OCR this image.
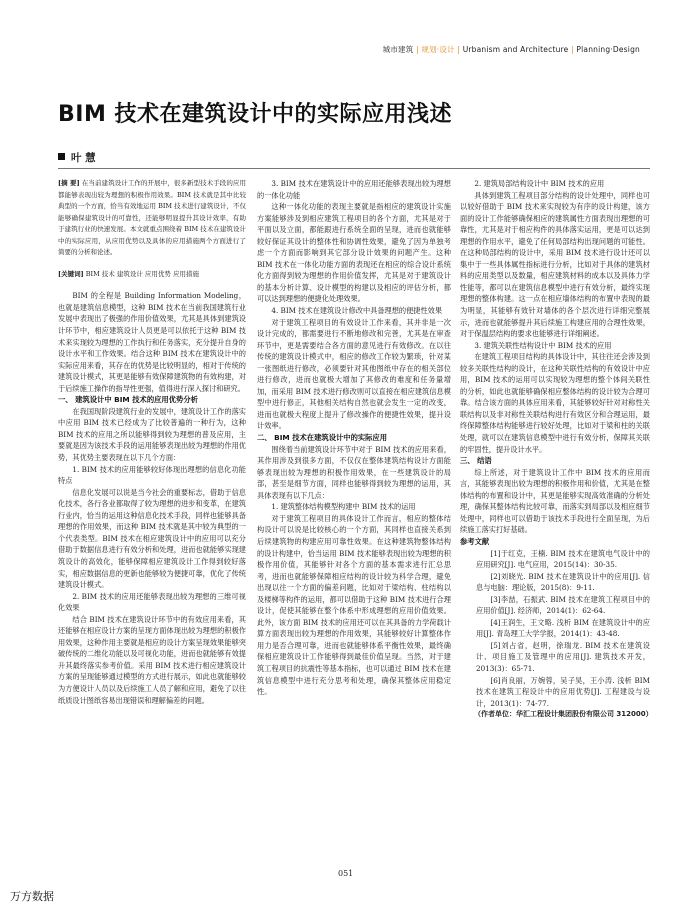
城市建筑 | 规划·设计 | Urbanism and Architecture | Planning·Design
BIM 技术在建筑设计中的实际应用浅述
叶 慧
[摘 要] 在当前建筑设计工作的开展中，很多新型技术手段的应用都能够表现出较为理想的积极作用效果。BIM 技术就是其中比较典型的一个方面，恰当有效地运用 BIM 技术进行建筑设计，不仅能够确保建筑设计的可靠性，还能够明显提升其设计效率，有助于建筑行业的快速发展。本文就重点围绕着 BIM 技术在建筑设计中的实际应用，从应用优势以及具体的应用措施两个方面进行了简要的分析和论述。
[关键词] BIM 技术 建筑设计 应用优势 应用措施

BIM 的全程是 Building Information Modeling，也就是建筑信息模型，这种 BIM 技术在当前我国建筑行业发展中表现出了极强的作用价值效果，尤其是具体到建筑设计环节中，相应建筑设计人员更是可以依托于这种 BIM 技术来实现较为理想的工作执行和任务落实，充分提升自身的设计水平和工作效果。结合这种 BIM 技术在建筑设计中的实际应用来看，其存在的优势是比较明显的，相对于传统的建筑设计模式，其更是能够有效保障建筑物的有效构建，对于后续施工操作的指导性更强，值得进行深入探讨和研究。

一、 建筑设计中 BIM 技术的应用优势分析

在我国现阶段建筑行业的发展中，建筑设计工作的落实中应用 BIM 技术已经成为了比较普遍的一种行为，这种 BIM 技术的应用之所以能够得到较为理想的普及应用，主要就是因为该技术手段的运用能够表现出较为理想的作用优势，其优势主要表现在以下几个方面：

1. BIM 技术的应用能够较好体现出理想的信息化功能特点

信息化发展可以说是当今社会的重要标志，借助于信息化技术，各行各业都取得了较为理想的进步和变革，在建筑行业内，恰当的运用这种信息化技术手段，同样也能够具备理想的作用效果，而这种 BIM 技术就是其中较为典型的一个代表类型。BIM 技术在相应建筑设计中的应用可以充分借助于数据信息进行有效分析和处理，进而也就能够实现建筑设计的高效化，能够保障相应建筑设计工作得到较好落实，相应数据信息的更新也能够较为便捷可靠，优化了传统建筑设计模式。

2. BIM 技术的应用还能够表现出较为理想的三维可视化效果

结合 BIM 技术在建筑设计环节中的有效应用来看，其还能够在相应设计方案的呈现方面体现出较为理想的积极作用效果，这种作用主要就是相应的设计方案呈现效果能够突破传统的二维化功能以及可视化功能，进而也就能够有效提升其最终落实参考价值。采用 BIM 技术进行相应建筑设计方案的呈现能够通过模型的方式进行展示，如此也就能够较为方便设计人员以及后续施工人员了解和应用，避免了以往纸质设计图纸容易出现错误和理解偏差的问题。

3. BIM 技术在建筑设计中的应用还能够表现出较为理想的一体化功能

这种一体化功能的表现主要就是指相应的建筑设计实施方案能够涉及到相应建筑工程项目的各个方面，尤其是对于平面以及立面，都能跟进行系统全面的呈现，进而也就能够较好保证其设计的整体性和协调性效果，避免了因为单独考虑一个方面而影响到其它部分设计效果的问题产生。这种 BIM 技术在一体化功能方面的表现还在相应的综合设计系统化方面得到较为理想的作用价值发挥，尤其是对于建筑设计的基本分析计算、设计模型的构建以及相应的评估分析，都可以达到理想的便捷化处理效果。

4. BIM 技术在建筑设计修改中具备理想的便捷性效果

对于建筑工程项目的有效设计工作来看，其并非是一次设计完成的，都需要进行不断地修改和完善，尤其是在审查环节中，更是需要结合各方面的意见进行有效修改。在以往传统的建筑设计模式中，相应的修改工作较为繁琐，针对某一张图纸进行修改，必须要针对其他图纸中存在的相关部位进行修改，进而也就极大增加了其修改的难度和任务量增加，而采用 BIM 技术进行修改则可以直接在相应建筑信息模型中进行修正，其他相关结构自然也就会发生一定的改变，进而也就极大程度上提升了修改操作的便捷性效果，提升设计效率。

二、 BIM 技术在建筑设计中的实际应用

围绕着当前建筑设计环节中对于 BIM 技术的应用来看，其作用涉及到很多方面，不仅仅在整体建筑结构设计方面能够表现出较为理想的积极作用效果，在一些建筑设计的局部，甚至是细节方面，同样也能够得到较为理想的运用，其具体表现有以下几点：

1. 建筑整体结构模型构建中 BIM 技术的运用

对于建筑工程项目的具体设计工作而言，相应的整体结构设计可以说是比较核心的一个方面，其同样也直接关系到后续建筑物的构建应用可靠性效果。在这种建筑物整体结构的设计构建中，恰当运用 BIM 技术能够表现出较为理想的积极作用价值，其能够针对各个方面的基本需求进行汇总思考，进而也就能够保障相应结构的设计较为科学合理，避免出现以往一个方面的偏差问题，比如对于梁结构、柱结构以及楼梯等构件的运用，都可以借助于这种 BIM 技术进行合理设计，促使其能够在整个体系中形成理想的应用价值效果。此外，该方面 BIM 技术的应用还可以在其具备的力学荷载计算方面表现出较为理想的作用效果，其能够较好计算整体作用力是否合理可靠，进而也就能够体系平衡性效果，最终确保相应建筑设计工作能够得到最佳价值呈现。当然，对于建筑工程项目的抗震性等基本指标，也可以通过 BIM 技术在建筑信息模型中进行充分思考和处理，确保其整体应用稳定性。

2. 建筑局部结构设计中 BIM 技术的应用

具体到建筑工程项目部分结构的设计处理中，同样也可以较好借助于 BIM 技术来实现较为有序的设计构建，该方面的设计工作能够确保相应的建筑属性方面表现出理想的可靠性，尤其是对于相应构件的具体落实运用，更是可以达到理想的作用水平，避免了任何局部结构出现问题的可能性。在这种局部结构的设计中，采用 BIM 技术进行设计还可以集中于一些具体属性指标进行分析，比如对于具体的建筑材料的应用类型以及数量，相应建筑材料的成本以及具体力学性能等，都可以在建筑信息模型中进行有效分析，最终实现理想的整体构建。这一点在相应墙体结构的布置中表现的最为明显，其能够有效针对墙体的各个层次进行详细完整展示，进而也就能够提升其后续施工构建应用的合理性效果，对于保温层结构的要求也能够进行详细阐述。

3. 建筑关联性结构设计中 BIM 技术的应用

在建筑工程项目结构的具体设计中，其往往还会涉及到较多关联性结构的设计，在这种关联性结构的有效设计中应用，BIM 技术的运用可以实现较为理想的整个体间关联性的分析，如此也就能够确保相应整体结构的设计较为合理可靠。结合该方面的具体应用来看，其能够较好针对对称性关联结构以及非对称性关联结构进行有效区分和合理运用，最终保障整体结构能够进行较好处理，比如对于梁和柱的关联处理，就可以在建筑信息模型中进行有效分析，保障其关联的牢固性，提升设计水平。

三、 结语

综上所述，对于建筑设计工作中 BIM 技术的应用而言，其能够表现出较为理想的积极作用和价值，尤其是在整体结构的布置和设计中，其更是能够实现高效准确的分析处理，确保其整体结构比较可靠，而落实到局部以及相应细节处理中，同样也可以借助于该技术手段进行全面呈现，为后续施工落实打好基础。

参考文献

[1]于红克，王楠. BIM 技术在建筑电气设计中的应用研究[J]. 电气应用，2015(14)：30-35.

[2]刘晓光. BIM 技术在建筑设计中的应用[J]. 信息与电脑：理论版，2015(8)：9-11.

[3]李喆，石振武. BIM 技术在建筑工程项目中的应用价值[J]. 经济师，2014(1)：62-64.

[4]王润生，王文略. 浅析 BIM 在建筑设计中的应用[J]. 青岛理工大学学报，2014(1)：43-48.

[5]刘占省，赵明，徐瑞龙. BIM 技术在建筑设计、项目施工及管理中的应用[J]. 建筑技术开发，2013(3)：65-71.

[6]肖良丽，万婉蓉，吴子昊，王小涛. 浅析 BIM 技术在建筑工程设计中的应用优势[J]. 工程建设与设计，2013(1)：74-77.

（作者单位：华汇工程设计集团股份有限公司 312000）

051
万方数据
